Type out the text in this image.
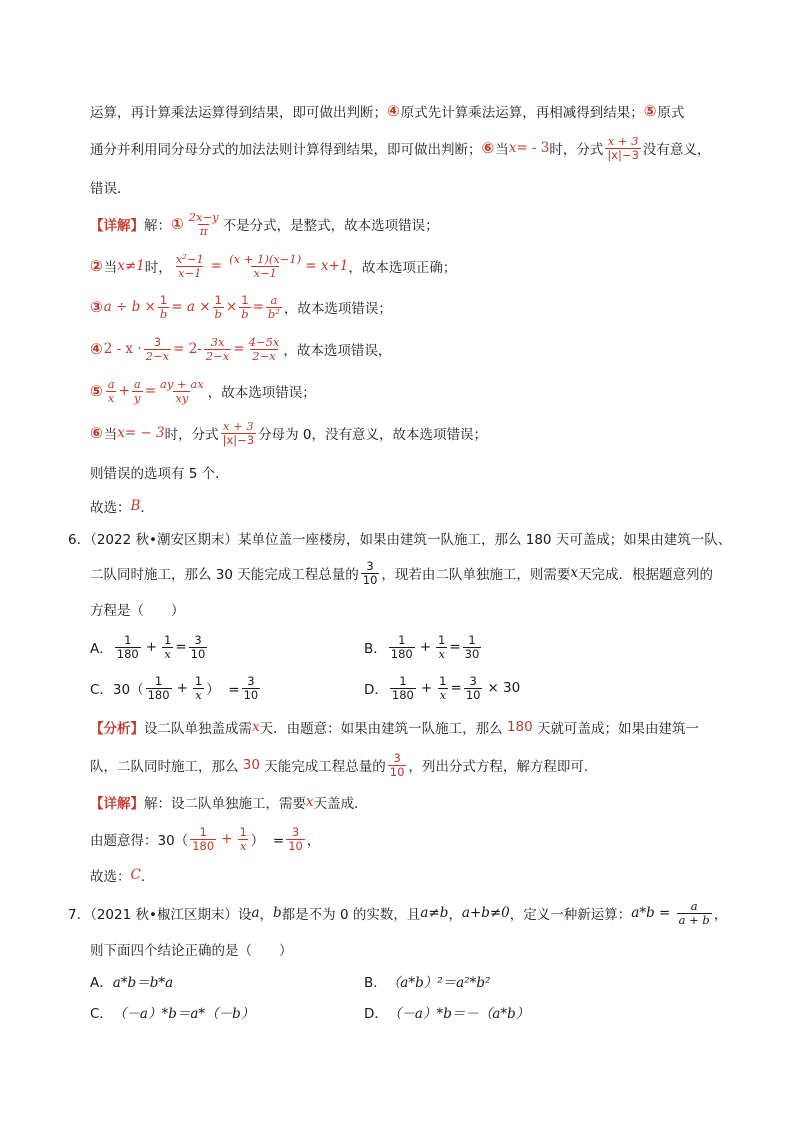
运算，再计算乘法运算得到结果，即可做出判断； ④ 原式先计算乘法运算，再相减得到结果； ⑤ 原式
通分并利用同分母分式的加法法则计算得到结果，即可做出判断； ⑥ 当 x = - 3 时，分式 $\frac{x + 3}{|x|-3}$ 没有意义，
错误．
【详解】 解： ① $\frac{2x-y}{\pi}$ 不是分式，是整式，故本选项错误；
② 当 x≠1 时， $\frac{\text{x²−1}}{x-1} = \frac{(x + 1)(x-1)}{x-1} = x+1$ ，故本选项正确；
③ $a \div b \times \frac{1}{b} = a \times \frac{1}{b} \times \frac{1}{b} = \frac{a}{\text{b²}}$ ，故本选项错误；
④ $2 - x \cdot \frac{3}{2-x} = 2- \frac{3x}{2-x} = \frac{4-5x}{2-x}$ ，故本选项错误，
⑤ $\frac{a}{x} + \frac{a}{y} = \frac{ay + ax}{xy}$ ，故本选项错误；
⑥ 当 x= − 3 时，分式 $\frac{x + 3}{|x|-3}$ 分母为 0，没有意义，故本选项错误；
则错误的选项有 5 个．
故选： B ．
6．（2022 秋•潮安区期末）某单位盖一座楼房，如果由建筑一队施工，那么 180 天可盖成；如果由建筑一队、
二队同时施工，那么 30 天能完成工程总量的 $\frac{3}{10}$ ，现若由二队单独施工，则需要 x 天完成．根据题意列的
方程是（　　）
A． $\frac{1}{180} + \frac{1}{x} = \frac{3}{10}$	B． $\frac{1}{180} + \frac{1}{x} = \frac{1}{30}$
C．$30( \frac{1}{180} + \frac{1}{x}$ ）  = $\frac{3}{10}$	D． $\frac{1}{180} + \frac{1}{x} = \frac{3}{10} \times 30$
【分析】 设二队单独盖成需 x 天．由题意：如果由建筑一队施工，那么 180 天就可盖成；如果由建筑一
队，二队同时施工，那么 30 天能完成工程总量的 $\frac{3}{10}$ ，列出分式方程，解方程即可．
【详解】 解：设二队单独施工，需要 x 天盖成．
由题意得：$30( \frac{1}{180} + \frac{1}{x}$ ）  = $\frac{3}{10}$ ，
故选： C ．
7．（2021 秋•椒江区期末）设 a ， b 都是不为 0 的实数，且 a≠b ， a+b≠0 ，定义一种新运算： $a*b = \frac{a}{a + b}$ ，
则下面四个结论正确的是（　　）
A． a*b＝b*a	B． （a*b）²＝a²*b²
C． （－a）*b＝a*（－b）	D． （－a）*b＝－（a*b）
